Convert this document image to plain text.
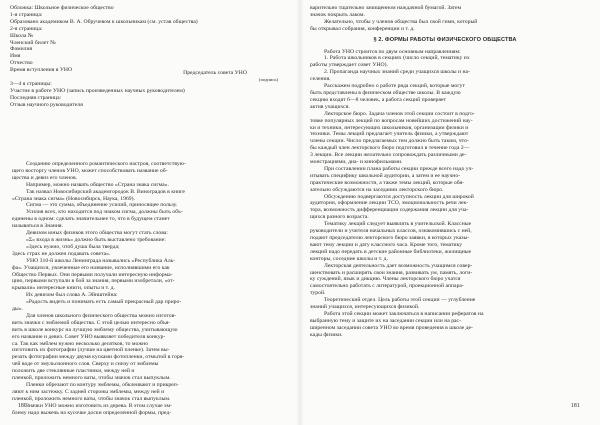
Обложка: Школьное физическое общество
1-я страница:
Образовано академиком В. А. Обручевом к школьникам (см. устав общества)
2-я страница:
Школа №
Членский билет №
Фамилия
Имя
Отчество
Время вступления в УНО	Председатель совета УНО
(подпись)
3—4 я страницы:
Участие в работе УНО (запись произведенных научных руководителем)
Последняя страница:
Отзыв научного руководителя
Созданию определенного романтического настроя, соответствую-
щего восторгу членов УНО, может способствовать название об-
щества и девиз его членов.
Например, можно назвать общество «Страна знака сигма».
Так назвал Новосибирский академгородок В. Виноградов в книге
«Страна знака сигма» (Новосибирск, Наука, 1969).
Сигма — это сумма, объединение усилий, приносящее пользу.
Усилия всех, кто находится под знаком сигма, должны быть объ-
единены в одном: сделать значительнее то, что в будущем станет
называться в Знания.
Девизом юных физиков этого общества могут стать слова:
«Σ» входа в жизнь» должно быть выставлено требование:
«Здесь нужно, чтоб душа была тверда;
Здесь страх не должен подавать совета».
УНО 310-й школы Ленинграда назывались «Республика Аль-
фа». Учащихся, увлеченные его название, исполнявшими его как
Общество Первых. Они первыми получали интересную информа-
цию, первыми вступали в бой за знания, первыми изобретали, «от-
крывали» интересные книги, опыты и т. д.
Их девизом был слова А. Эйнштейна:
«Радость видеть и понимать есть самый прекрасный дар приро-
ды».
Для членов школьного физического общества можно изготов-
вить значки с эмблемой общества. С этой целью интересно объя-
вить в школе конкурс на лучшую эмблему общества, учитывающую
его название и девиз. Совет УНО выявляет победителя конкур-
са. Так как эмблем нужно несколько десятков, то можно
изготовить их фотографии (лучше на цветной пленке). Затем вы-
резать фотографии между двумя кусками фотопленки, отмытой в горя-
чей воде от эмульсионного слоя. Сверху и снизу от эмблемы
положить две стеклянные пластинки, между ней и
пленкой, приложить немного ваты, чтобы значок стал выпуклым.
Пленки обрезают по контуру эмблемы, обклеивают и прикреп-
ляют к ним застежку. С задней стороны эмблемы, между ней и
пленкой, проложить немного ваты, чтобы значок стал выпуклым.
Значки УНО можно изготовить из дерева. В этом случае эм-
блему надо выжечь на кусочке доски определенной формы, пред-
180
варительно тщательно зачищенном наждачной бумагой. Затем
значок покрыть лаком.
Желательно, чтобы у членов общества был свой гимн, который
бы открывал собрания, конференции и т. д.
§ 2. ФОРМЫ РАБОТЫ ФИЗИЧЕСКОГО ОБЩЕСТВА
Работа УНО строится по двум основным направлениям:
1. Работа школьников в секциях (число секций, тематику их
работы утверждает совет УНО).
2. Пропаганда научных знаний среди учащихся школы и на-
селения.
Расскажем подробно о работе ряда секций, которые могут
быть представлены в физическом обществе школы. В каждую
секцию входят 6—8 человек, а работа секций проверяет
актив учащихся.
Лекторское бюро. Задача членов этой секции состоит в подго-
товке популярных лекций по вопросам новейших достижений нау-
ки и техники, интересующих школьников, организации физики и
техники. Темы лекций предлагает учитель физики, а утверждают
члены секции. Число предлагаемых тем должно быть таким, что-
бы каждый член лекторского бюро подготовил в течение года 2—
3 лекции. Все лекции желательно сопровождать различными де-
монстрациями, диа- и кинофильмами.
При составлении плана работы секции прежде всего надо уч-
итывать специфику школьной аудитории, а затем и ее научно-
практические возможности, а также темы лекций, которые обя-
зательно обсуждаются на заседании лекторского бюро.
Обсуждению подвергаются доступность лекции для широкой
аудитории, оформление лекции ТСО, эмоциональность речи лек-
тора, возможность дифференциации содержания лекции для уча-
щихся разного возраста.
Тематику лекций следует выявлять в учительской. Классные
руководители и учителя начальных классов, ознакомившись с ней,
подают председателю лекторского бюро заявки, в которых указы-
вают тему лекции и дату классного часа. Кроме того, тематику
лекций надо передать в детские районные библиотеки, жилищные
конторы, соседние школы и т. д.
Лекторская деятельность дает возможность учащимся совер-
шенствовать и расширять свои знания, развивать ум, память, логи-
ку суждений, язык и дикцию. Члены лекторского бюро учатся
самостоятельно работать с литературой, проекционной аппара-
турой.
Теоретический отдел. Цель работы этой секции — углубление
знаний учащихся, интересующихся физикой.
Работа этой секции может заключаться в написании рефератов на
выбранную тему и защите их на заседании секции или на рас-
ширенном заседании совета УНО во время проведения в школе де-
кады физики.
181
